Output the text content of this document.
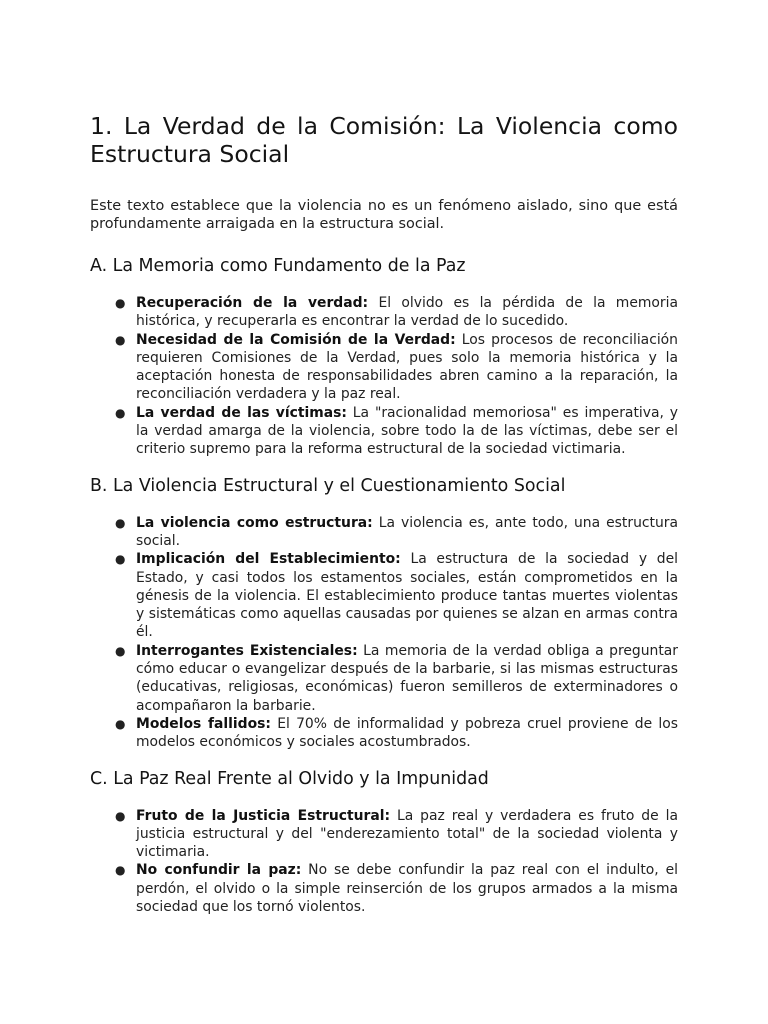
1. La Verdad de la Comisión: La Violencia como Estructura Social

Este texto establece que la violencia no es un fenómeno aislado, sino que está profundamente arraigada en la estructura social.

A. La Memoria como Fundamento de la Paz
● Recuperación de la verdad: El olvido es la pérdida de la memoria histórica, y recuperarla es encontrar la verdad de lo sucedido.
● Necesidad de la Comisión de la Verdad: Los procesos de reconciliación requieren Comisiones de la Verdad, pues solo la memoria histórica y la aceptación honesta de responsabilidades abren camino a la reparación, la reconciliación verdadera y la paz real.
● La verdad de las víctimas: La "racionalidad memoriosa" es imperativa, y la verdad amarga de la violencia, sobre todo la de las víctimas, debe ser el criterio supremo para la reforma estructural de la sociedad victimaria.
B. La Violencia Estructural y el Cuestionamiento Social
● La violencia como estructura: La violencia es, ante todo, una estructura social.
● Implicación del Establecimiento: La estructura de la sociedad y del Estado, y casi todos los estamentos sociales, están comprometidos en la génesis de la violencia. El establecimiento produce tantas muertes violentas y sistemáticas como aquellas causadas por quienes se alzan en armas contra él.
● Interrogantes Existenciales: La memoria de la verdad obliga a preguntar cómo educar o evangelizar después de la barbarie, si las mismas estructuras (educativas, religiosas, económicas) fueron semilleros de exterminadores o acompañaron la barbarie.
● Modelos fallidos: El 70% de informalidad y pobreza cruel proviene de los modelos económicos y sociales acostumbrados.
C. La Paz Real Frente al Olvido y la Impunidad
● Fruto de la Justicia Estructural: La paz real y verdadera es fruto de la justicia estructural y del "enderezamiento total" de la sociedad violenta y victimaria.
● No confundir la paz: No se debe confundir la paz real con el indulto, el perdón, el olvido o la simple reinserción de los grupos armados a la misma sociedad que los tornó violentos.
